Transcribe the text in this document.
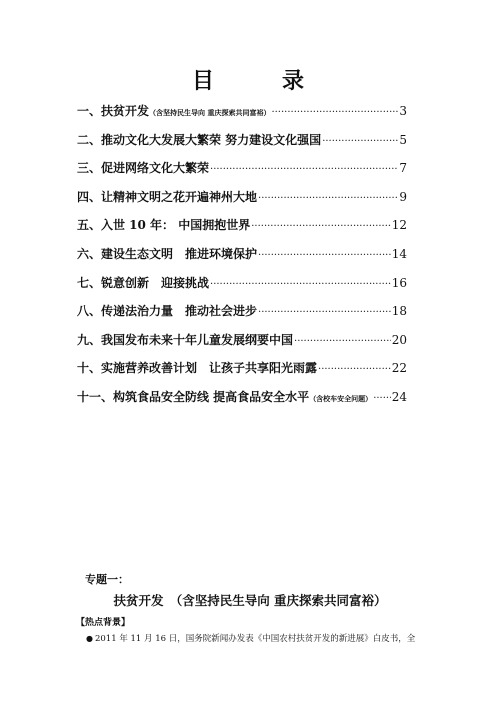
目	录
一、扶贫开发 （含坚持民生导向 重庆探索共同富裕） ·····	3
二、推动文化大发展大繁荣 努力建设文化强国 ·····	5
三、促进网络文化大繁荣 ·····	7
四、让精神文明之花开遍神州大地 ·····	9
五、入世 10 年： 中国拥抱世界 ·····	12
六、建设生态文明　推进环境保护 ·····	14
七、锐意创新　迎接挑战 ·····	16
八、传递法治力量　推动社会进步 ·····	18
九、我国发布未来十年儿童发展纲要中国 ·····	20
十、实施营养改善计划　让孩子共享阳光雨露 ·····	22
十一、构筑食品安全防线 提高食品安全水平 （含校车安全问题） ····· 24
专题一：
扶贫开发　（含坚持民生导向 重庆探索共同富裕）
【热点背景】
● 2011 年 11 月 16 日，国务院新闻办发表《中国农村扶贫开发的新进展》白皮书，全
